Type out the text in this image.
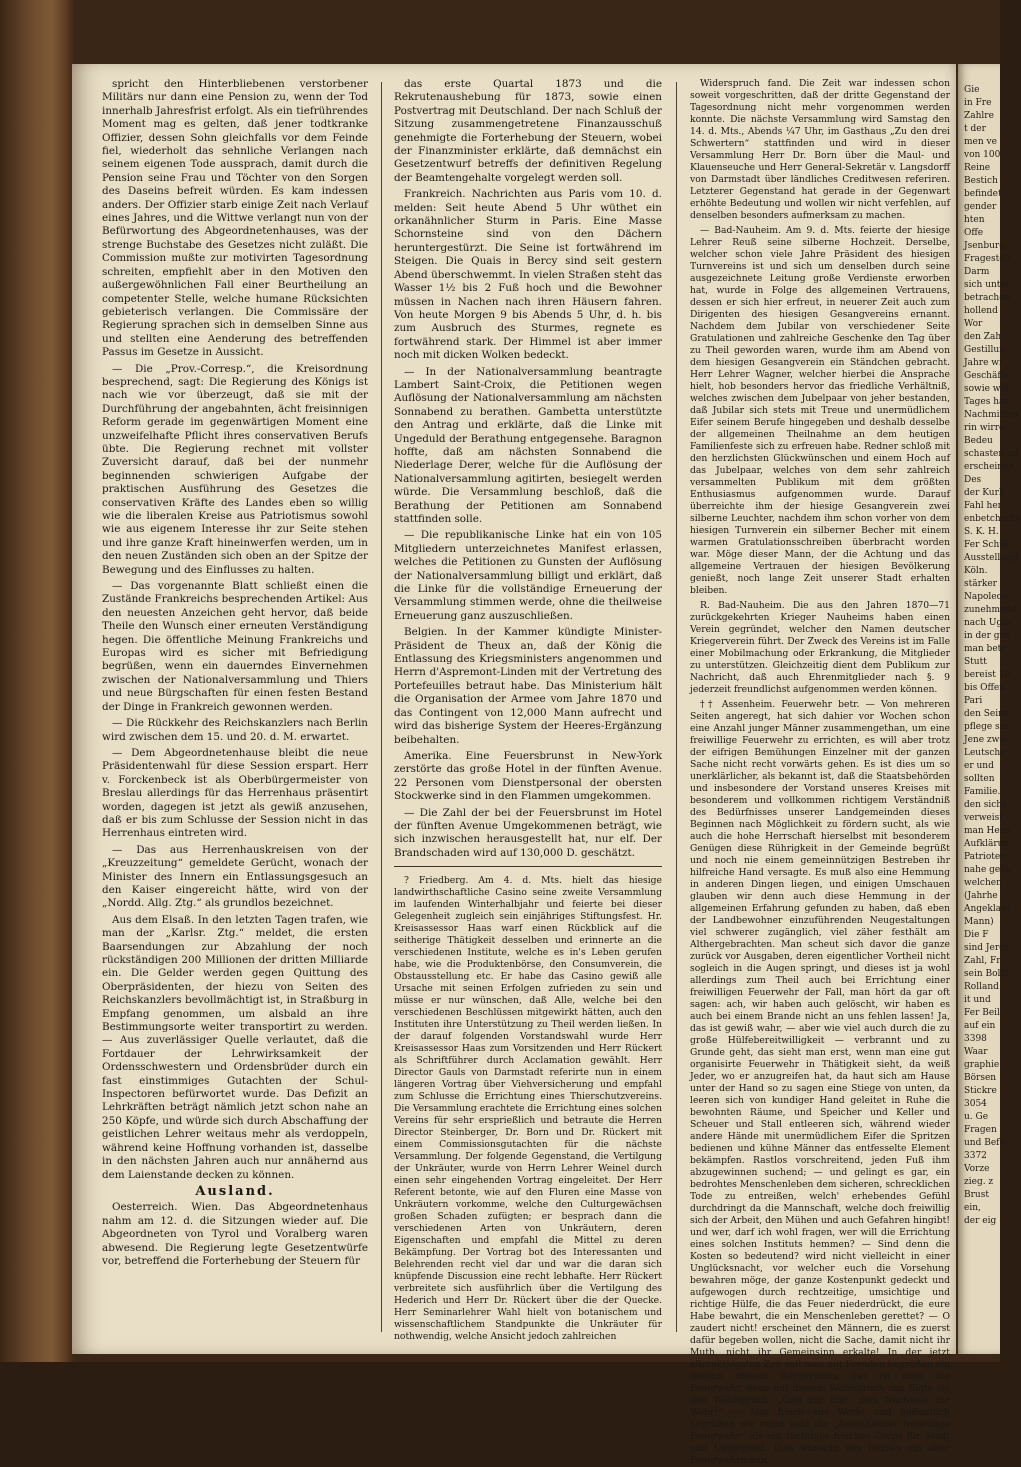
spricht den Hinterbliebenen verstorbener Militärs nur dann eine Pension zu, wenn der Tod innerhalb Jahresfrist erfolgt. Als ein tiefrührendes Moment mag es gelten, daß jener todtkranke Offizier, dessen Sohn gleichfalls vor dem Feinde fiel, wiederholt das sehnliche Verlangen nach seinem eigenen Tode aussprach, damit durch die Pension seine Frau und Töchter von den Sorgen des Daseins befreit würden. Es kam indessen anders. Der Offizier starb einige Zeit nach Verlauf eines Jahres, und die Wittwe verlangt nun von der Befürwortung des Abgeordnetenhauses, was der strenge Buchstabe des Gesetzes nicht zuläßt. Die Commission mußte zur motivirten Tagesordnung schreiten, empfiehlt aber in den Motiven den außergewöhnlichen Fall einer Beurtheilung an competenter Stelle, welche humane Rücksichten gebieterisch verlangen. Die Commissäre der Regierung sprachen sich in demselben Sinne aus und stellten eine Aenderung des betreffenden Passus im Gesetze in Aussicht.

— Die „Prov.-Corresp.“, die Kreisordnung besprechend, sagt: Die Regierung des Königs ist nach wie vor überzeugt, daß sie mit der Durchführung der angebahnten, ächt freisinnigen Reform gerade im gegenwärtigen Moment eine unzweifelhafte Pflicht ihres conservativen Berufs übte. Die Regierung rechnet mit vollster Zuversicht darauf, daß bei der nunmehr beginnenden schwierigen Aufgabe der praktischen Ausführung des Gesetzes die conservativen Kräfte des Landes eben so willig wie die liberalen Kreise aus Patriotismus sowohl wie aus eigenem Interesse ihr zur Seite stehen und ihre ganze Kraft hineinwerfen werden, um in den neuen Zuständen sich oben an der Spitze der Bewegung und des Einflusses zu halten.

— Das vorgenannte Blatt schließt einen die Zustände Frankreichs besprechenden Artikel: Aus den neuesten Anzeichen geht hervor, daß beide Theile den Wunsch einer erneuten Verständigung hegen. Die öffentliche Meinung Frankreichs und Europas wird es sicher mit Befriedigung begrüßen, wenn ein dauerndes Einvernehmen zwischen der Nationalversammlung und Thiers und neue Bürgschaften für einen festen Bestand der Dinge in Frankreich gewonnen werden.

— Die Rückkehr des Reichskanzlers nach Berlin wird zwischen dem 15. und 20. d. M. erwartet.

— Dem Abgeordnetenhause bleibt die neue Präsidentenwahl für diese Session erspart. Herr v. Forckenbeck ist als Oberbürgermeister von Breslau allerdings für das Herrenhaus präsentirt worden, dagegen ist jetzt als gewiß anzusehen, daß er bis zum Schlusse der Session nicht in das Herrenhaus eintreten wird.

— Das aus Herrenhauskreisen von der „Kreuzzeitung“ gemeldete Gerücht, wonach der Minister des Innern ein Entlassungsgesuch an den Kaiser eingereicht hätte, wird von der „Nordd. Allg. Ztg.“ als grundlos bezeichnet.

Aus dem Elsaß. In den letzten Tagen trafen, wie man der „Karlsr. Ztg.“ meldet, die ersten Baarsendungen zur Abzahlung der noch rückständigen 200 Millionen der dritten Milliarde ein. Die Gelder werden gegen Quittung des Oberpräsidenten, der hiezu von Seiten des Reichskanzlers bevollmächtigt ist, in Straßburg in Empfang genommen, um alsbald an ihre Bestimmungsorte weiter transportirt zu werden. — Aus zuverlässiger Quelle verlautet, daß die Fortdauer der Lehrwirksamkeit der Ordensschwestern und Ordensbrüder durch ein fast einstimmiges Gutachten der Schul-Inspectoren befürwortet wurde. Das Defizit an Lehrkräften beträgt nämlich jetzt schon nahe an 250 Köpfe, und würde sich durch Abschaffung der geistlichen Lehrer weitaus mehr als verdoppeln, während keine Hoffnung vorhanden ist, dasselbe in den nächsten Jahren auch nur annähernd aus dem Laienstande decken zu können.

Ausland.

Oesterreich. Wien. Das Abgeordnetenhaus nahm am 12. d. die Sitzungen wieder auf. Die Abgeordneten von Tyrol und Voralberg waren abwesend. Die Regierung legte Gesetzentwürfe vor, betreffend die Forterhebung der Steuern für

das erste Quartal 1873 und die Rekrutenaushebung für 1873, sowie einen Postvertrag mit Deutschland. Der nach Schluß der Sitzung zusammengetretene Finanzausschuß genehmigte die Forterhebung der Steuern, wobei der Finanzminister erklärte, daß demnächst ein Gesetzentwurf betreffs der definitiven Regelung der Beamtengehalte vorgelegt werden soll.

Frankreich. Nachrichten aus Paris vom 10. d. melden: Seit heute Abend 5 Uhr wüthet ein orkanähnlicher Sturm in Paris. Eine Masse Schornsteine sind von den Dächern heruntergestürzt. Die Seine ist fortwährend im Steigen. Die Quais in Bercy sind seit gestern Abend überschwemmt. In vielen Straßen steht das Wasser 1½ bis 2 Fuß hoch und die Bewohner müssen in Nachen nach ihren Häusern fahren. Von heute Morgen 9 bis Abends 5 Uhr, d. h. bis zum Ausbruch des Sturmes, regnete es fortwährend stark. Der Himmel ist aber immer noch mit dicken Wolken bedeckt.

— In der Nationalversammlung beantragte Lambert Saint-Croix, die Petitionen wegen Auflösung der Nationalversammlung am nächsten Sonnabend zu berathen. Gambetta unterstützte den Antrag und erklärte, daß die Linke mit Ungeduld der Berathung entgegensehe. Baragnon hoffte, daß am nächsten Sonnabend die Niederlage Derer, welche für die Auflösung der Nationalversammlung agitirten, besiegelt werden würde. Die Versammlung beschloß, daß die Berathung der Petitionen am Sonnabend stattfinden solle.

— Die republikanische Linke hat ein von 105 Mitgliedern unterzeichnetes Manifest erlassen, welches die Petitionen zu Gunsten der Auflösung der Nationalversammlung billigt und erklärt, daß die Linke für die vollständige Erneuerung der Versammlung stimmen werde, ohne die theilweise Erneuerung ganz auszuschließen.

Belgien. In der Kammer kündigte Minister-Präsident de Theux an, daß der König die Entlassung des Kriegsministers angenommen und Herrn d'Aspremont-Linden mit der Vertretung des Portefeuilles betraut habe. Das Ministerium hält die Organisation der Armee vom Jahre 1870 und das Contingent von 12,000 Mann aufrecht und wird das bisherige System der Heeres-Ergänzung beibehalten.

Amerika. Eine Feuersbrunst in New-York zerstörte das große Hotel in der fünften Avenue. 22 Personen vom Dienstpersonal der obersten Stockwerke sind in den Flammen umgekommen.

— Die Zahl der bei der Feuersbrunst im Hotel der fünften Avenue Umgekommenen beträgt, wie sich inzwischen herausgestellt hat, nur elf. Der Brandschaden wird auf 130,000 D. geschätzt.

? Friedberg. Am 4. d. Mts. hielt das hiesige landwirthschaftliche Casino seine zweite Versammlung im laufenden Winterhalbjahr und feierte bei dieser Gelegenheit zugleich sein einjähriges Stiftungsfest. Hr. Kreisassessor Haas warf einen Rückblick auf die seitherige Thätigkeit desselben und erinnerte an die verschiedenen Institute, welche es in's Leben gerufen habe, wie die Produktenbörse, den Consumverein, die Obstausstellung etc. Er habe das Casino gewiß alle Ursache mit seinen Erfolgen zufrieden zu sein und müsse er nur wünschen, daß Alle, welche bei den verschiedenen Beschlüssen mitgewirkt hätten, auch den Instituten ihre Unterstützung zu Theil werden ließen. In der darauf folgenden Vorstandswahl wurde Herr Kreisassessor Haas zum Vorsitzenden und Herr Rückert als Schriftführer durch Acclamation gewählt. Herr Director Gauls von Darmstadt referirte nun in einem längeren Vortrag über Viehversicherung und empfahl zum Schlusse die Errichtung eines Thierschutzvereins. Die Versammlung erachtete die Errichtung eines solchen Vereins für sehr ersprießlich und betraute die Herren Director Steinberger, Dr. Born und Dr. Rückert mit einem Commissionsgutachten für die nächste Versammlung. Der folgende Gegenstand, die Vertilgung der Unkräuter, wurde von Herrn Lehrer Weinel durch einen sehr eingehenden Vortrag eingeleitet. Der Herr Referent betonte, wie auf den Fluren eine Masse von Unkräutern vorkomme, welche den Culturgewächsen großen Schaden zufügten; er besprach dann die verschiedenen Arten von Unkräutern, deren Eigenschaften und empfahl die Mittel zu deren Bekämpfung. Der Vortrag bot des Interessanten und Belehrenden recht viel dar und war die daran sich knüpfende Discussion eine recht lebhafte. Herr Rückert verbreitete sich ausführlich über die Vertilgung des Hederich und Herr Dr. Rückert über die der Quecke. Herr Seminarlehrer Wahl hielt von botanischem und wissenschaftlichem Standpunkte die Unkräuter für nothwendig, welche Ansicht jedoch zahlreichen

Widerspruch fand. Die Zeit war indessen schon soweit vorgeschritten, daß der dritte Gegenstand der Tagesordnung nicht mehr vorgenommen werden konnte. Die nächste Versammlung wird Samstag den 14. d. Mts., Abends ¼7 Uhr, im Gasthaus „Zu den drei Schwertern“ stattfinden und wird in dieser Versammlung Herr Dr. Born über die Maul- und Klauenseuche und Herr General-Sekretär v. Langsdorff von Darmstadt über ländliches Creditwesen referiren. Letzterer Gegenstand hat gerade in der Gegenwart erhöhte Bedeutung und wollen wir nicht verfehlen, auf denselben besonders aufmerksam zu machen.

— Bad-Nauheim. Am 9. d. Mts. feierte der hiesige Lehrer Reuß seine silberne Hochzeit. Derselbe, welcher schon viele Jahre Präsident des hiesigen Turnvereins ist und sich um denselben durch seine ausgezeichnete Leitung große Verdienste erworben hat, wurde in Folge des allgemeinen Vertrauens, dessen er sich hier erfreut, in neuerer Zeit auch zum Dirigenten des hiesigen Gesangvereins ernannt. Nachdem dem Jubilar von verschiedener Seite Gratulationen und zahlreiche Geschenke den Tag über zu Theil geworden waren, wurde ihm am Abend von dem hiesigen Gesangverein ein Ständchen gebracht. Herr Lehrer Wagner, welcher hierbei die Ansprache hielt, hob besonders hervor das friedliche Verhältniß, welches zwischen dem Jubelpaar von jeher bestanden, daß Jubilar sich stets mit Treue und unermüdlichem Eifer seinem Berufe hingegeben und deshalb desselbe der allgemeinen Theilnahme an dem heutigen Familienfeste sich zu erfreuen habe. Redner schloß mit den herzlichsten Glückwünschen und einem Hoch auf das Jubelpaar, welches von dem sehr zahlreich versammelten Publikum mit dem größten Enthusiasmus aufgenommen wurde. Darauf überreichte ihm der hiesige Gesangverein zwei silberne Leuchter, nachdem ihm schon vorher von dem hiesigen Turnverein ein silberner Becher mit einem warmen Gratulationsschreiben überbracht worden war. Möge dieser Mann, der die Achtung und das allgemeine Vertrauen der hiesigen Bevölkerung genießt, noch lange Zeit unserer Stadt erhalten bleiben.

R. Bad-Nauheim. Die aus den Jahren 1870—71 zurückgekehrten Krieger Nauheims haben einen Verein gegründet, welcher den Namen deutscher Kriegerverein führt. Der Zweck des Vereins ist im Falle einer Mobilmachung oder Erkrankung, die Mitglieder zu unterstützen. Gleichzeitig dient dem Publikum zur Nachricht, daß auch Ehrenmitglieder nach §. 9 jederzeit freundlichst aufgenommen werden können.

†† Assenheim. Feuerwehr betr. — Von mehreren Seiten angeregt, hat sich dahier vor Wochen schon eine Anzahl junger Männer zusammengethan, um eine freiwillige Feuerwehr zu errichten, es will aber trotz der eifrigen Bemühungen Einzelner mit der ganzen Sache nicht recht vorwärts gehen. Es ist dies um so unerklärlicher, als bekannt ist, daß die Staatsbehörden und insbesondere der Vorstand unseres Kreises mit besonderem und vollkommen richtigem Verständniß des Bedürfnisses unserer Landgemeinden dieses Beginnen nach Möglichkeit zu fördern sucht, als wie auch die hohe Herrschaft hierselbst mit besonderem Genügen diese Rührigkeit in der Gemeinde begrüßt und noch nie einem gemeinnützigen Bestreben ihr hilfreiche Hand versagte. Es muß also eine Hemmung in anderen Dingen liegen, und einigen Umschauen glauben wir denn auch diese Hemmung in der allgemeinen Erfahrung gefunden zu haben, daß eben der Landbewohner einzuführenden Neugestaltungen viel schwerer zugänglich, viel zäher festhält am Althergebrachten. Man scheut sich davor die ganze zurück vor Ausgaben, deren eigentlicher Vortheil nicht sogleich in die Augen springt, und dieses ist ja wohl allerdings zum Theil auch bei Errichtung einer freiwilligen Feuerwehr der Fall, man hört da gar oft sagen: ach, wir haben auch gelöscht, wir haben es auch bei einem Brande nicht an uns fehlen lassen! Ja, das ist gewiß wahr, — aber wie viel auch durch die zu große Hülfebereitwilligkeit — verbrannt und zu Grunde geht, das sieht man erst, wenn man eine gut organisirte Feuerwehr in Thätigkeit sieht, da weiß Jeder, wo er anzugreifen hat, da haut sich am Hause unter der Hand so zu sagen eine Stiege von unten, da leeren sich von kundiger Hand geleitet in Ruhe die bewohnten Räume, und Speicher und Keller und Scheuer und Stall entleeren sich, während wieder andere Hände mit unermüdlichem Eifer die Spritzen bedienen und kühne Männer das entfesselte Element bekämpfen. Rastlos vorschreitend, jeden Fuß ihm abzugewinnen suchend; — und gelingt es gar, ein bedrohtes Menschenleben dem sicheren, schrecklichen Tode zu entreißen, welch' erhebendes Gefühl durchdringt da die Mannschaft, welche doch freiwillig sich der Arbeit, den Mühen und auch Gefahren hingibt! und wer, darf ich wohl fragen, wer will die Errichtung eines solchen Instituts hemmen? — Sind denn die Kosten so bedeutend? wird nicht vielleicht in einer Unglücksnacht, vor welcher euch die Vorsehung bewahren möge, der ganze Kostenpunkt gedeckt und aufgewogen durch rechtzeitige, umsichtige und richtige Hülfe, die das Feuer niederdrückt, die eure Habe bewahrt, die ein Menschenleben gerettet? — O zaudert nicht! erscheinet den Männern, die es zuerst dafür begeben wollen, nicht die Sache, damit nicht ihr Muth, nicht ihr Gemeinsinn erkalte! In der jetzt allernöthigsten Zeit soll man mit Freuden begrüßen ein Institut diesem Bürgersinns, das ist doch die Feuerwehr, denn mit diesem Wahlspruch uns fügte sie den Wahlspruch: „Gott zur Ehr', dem Nächsten zur Wehr!“ — Also frisch ans Werk! und hoffentlich begrüßen wir recht bald die „Assenheimer freiwillige Feuerwehr“ als ein tüchtiges frisches Corps für Stadt und Umgegend. Dies wünscht von Herzen ein alter Feuerwehrmann.

Gie
in Fre
Zahlre
t der
men ve
von 100
Reine
Bestich
befindet
gender
hten
Offe
Jsenburg
Fragestell
Darm
sich unter
betrachen
hollend
Wor
den Zah
Gestillun
Jahre wi
Geschäfte
sowie wel
Tages hat
Nachmittag
rin wirre
Bedeu
schasten zu
erscheinen
Des
der Kurh
Fahl her
enbetchnete
S. K. H.
Fer Schul
Ausstellung
Köln.
stärker
Napoleon
zunehmend
nach Uglis
in der gro
man betr
Stutt
bereist 10.
bis Offen
Pari
den Seine
pflege sur
Jene zwei
Leutsche
er und
sollten
Familie.
den sichs
verweist
man Hern
Aufklärun
Patrioten
nahe gehe
welchen
(Jahrhe
Angeklagt
Mann)
Die F
sind Jeres
Zahl, Fr
sein Bolkl
Rolland
it und
Fer Beil
auf ein
3398
Waar
graphie
Börsen
Stickre
3054
u. Ge
Fragen
und Befe
3372
Vorze
zieg. z
Brust
ein,
der eig
